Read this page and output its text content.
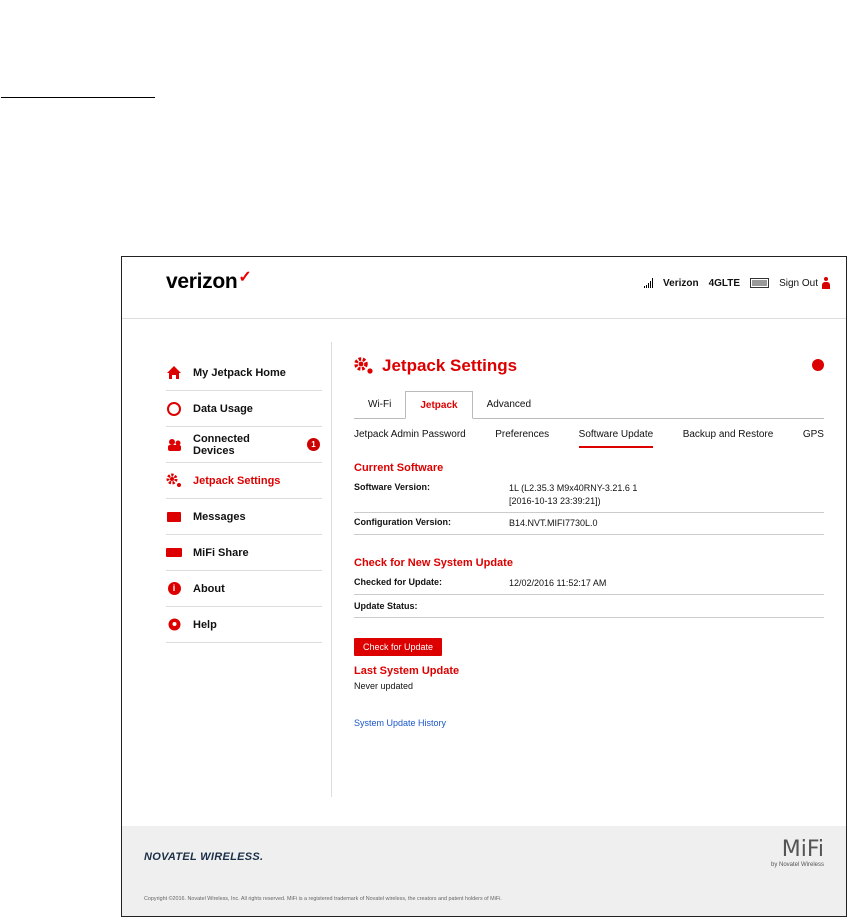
verizon✓	Verizon 4GLTE	Sign Out
My Jetpack Home
Data Usage
Connected Devices	1
Jetpack Settings
Messages
MiFi Share
i	About
Help
Jetpack Settings
Wi-Fi	Jetpack	Advanced
Jetpack Admin Password	Preferences	Software Update	Backup and Restore	GPS
Current Software
Software Version:	1L (L2.35.3 M9x40RNY-3.21.6 1 [2016-10-13 23:39:21])
Configuration Version:	B14.NVT.MIFI7730L.0
Check for New System Update
Checked for Update:	12/02/2016 11:52:17 AM
Update Status:
Check for Update
Last System Update
Never updated
System Update History
NOVATEL WIRELESS.	MiFi
by Novatel Wireless
Copyright ©2016. Novatel Wireless, Inc. All rights reserved. MiFi is a registered trademark of Novatel wireless, the creators and patent holders of MiFi.
